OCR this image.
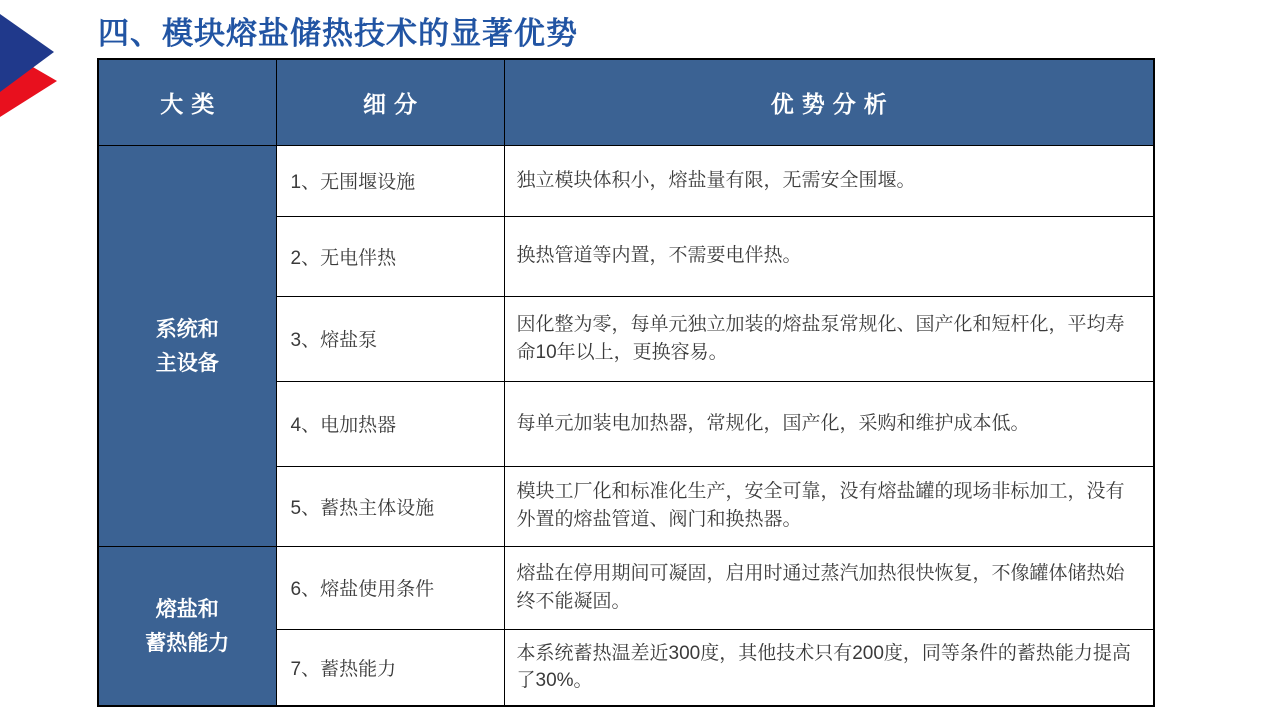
四、模块熔盐储热技术的显著优势
大 类	细 分	优 势 分 析

系统和
主设备	1、无围堰设施	独立模块体积小，熔盐量有限，无需安全围堰。
	2、无电伴热	换热管道等内置，不需要电伴热。
	3、熔盐泵	因化整为零，每单元独立加装的熔盐泵常规化、国产化和短杆化，平均寿命10年以上，更换容易。
	4、电加热器	每单元加装电加热器，常规化，国产化，采购和维护成本低。
	5、蓄热主体设施	模块工厂化和标准化生产，安全可靠，没有熔盐罐的现场非标加工，没有外置的熔盐管道、阀门和换热器。

熔盐和
蓄热能力	6、熔盐使用条件	熔盐在停用期间可凝固，启用时通过蒸汽加热很快恢复，不像罐体储热始终不能凝固。
	7、蓄热能力	本系统蓄热温差近300度，其他技术只有200度，同等条件的蓄热能力提高了30%。
